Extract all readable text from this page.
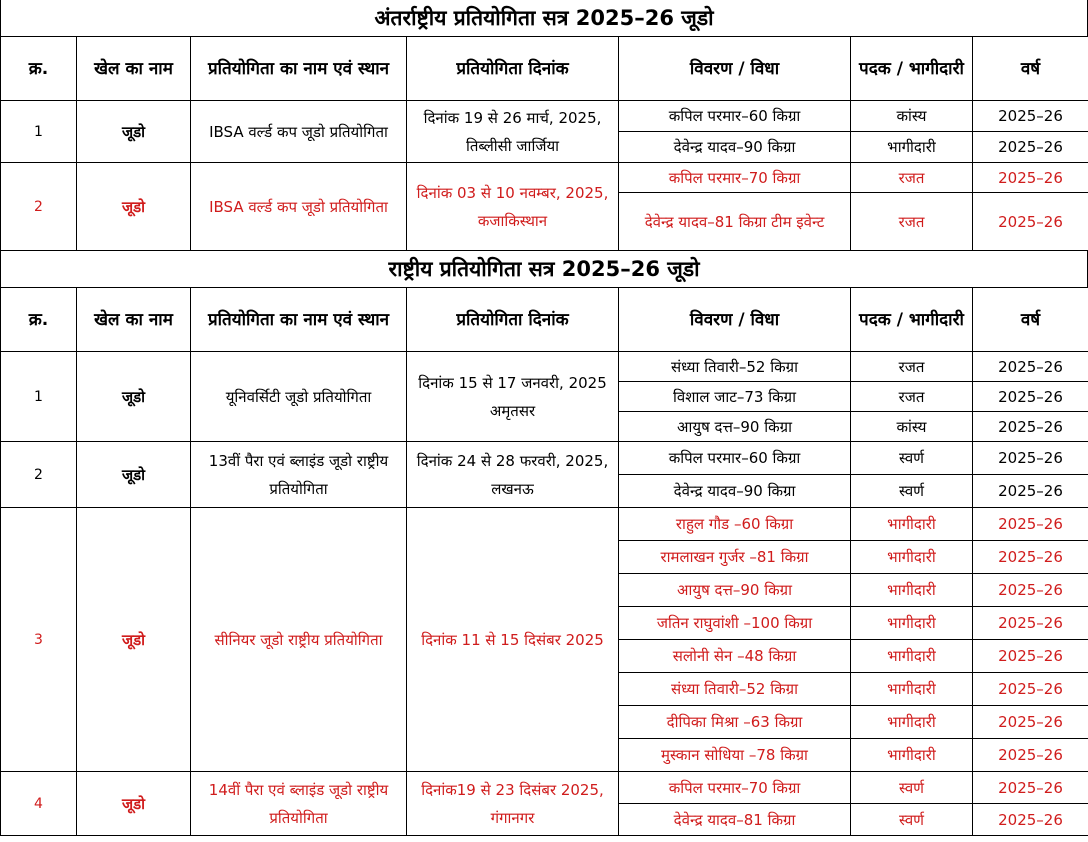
अंतर्राष्ट्रीय प्रतियोगिता सत्र 2025–26 जूडो
क्र.	खेल का नाम	प्रतियोगिता का नाम एवं स्थान	प्रतियोगिता दिनांक	विवरण / विधा	पदक / भागीदारी	वर्ष
1	जूडो	IBSA वर्ल्ड कप जूडो प्रतियोगिता	दिनांक 19 से 26 मार्च, 2025, तिब्लीसी जार्जिया	कपिल परमार–60 किग्रा	कांस्य	2025–26
				देवेन्द्र यादव–90 किग्रा	भागीदारी	2025–26
2	जूडो	IBSA वर्ल्ड कप जूडो प्रतियोगिता	दिनांक 03 से 10 नवम्बर, 2025, कजाकिस्थान	कपिल परमार–70 किग्रा	रजत	2025–26
				देवेन्द्र यादव–81 किग्रा टीम इवेन्ट	रजत	2025–26
राष्ट्रीय प्रतियोगिता सत्र 2025–26 जूडो
क्र.	खेल का नाम	प्रतियोगिता का नाम एवं स्थान	प्रतियोगिता दिनांक	विवरण / विधा	पदक / भागीदारी	वर्ष
1	जूडो	यूनिवर्सिटी जूडो प्रतियोगिता	दिनांक 15 से 17 जनवरी, 2025 अमृतसर	संध्या तिवारी–52 किग्रा	रजत	2025–26
				विशाल जाट–73 किग्रा	रजत	2025–26
				आयुष दत्त–90 किग्रा	कांस्य	2025–26
2	जूडो	13वीं पैरा एवं ब्लाइंड जूडो राष्ट्रीय प्रतियोगिता	दिनांक 24 से 28 फरवरी, 2025, लखनऊ	कपिल परमार–60 किग्रा	स्वर्ण	2025–26
				देवेन्द्र यादव–90 किग्रा	स्वर्ण	2025–26
3	जूडो	सीनियर जूडो राष्ट्रीय प्रतियोगिता	दिनांक 11 से 15 दिसंबर 2025	राहुल गौड –60 किग्रा	भागीदारी	2025–26
				रामलाखन गुर्जर –81 किग्रा	भागीदारी	2025–26
				आयुष दत्त–90 किग्रा	भागीदारी	2025–26
				जतिन राघुवांशी –100 किग्रा	भागीदारी	2025–26
				सलोनी सेन –48 किग्रा	भागीदारी	2025–26
				संध्या तिवारी–52 किग्रा	भागीदारी	2025–26
				दीपिका मिश्रा –63 किग्रा	भागीदारी	2025–26
				मुस्कान सोधिया –78 किग्रा	भागीदारी	2025–26
4	जूडो	14वीं पैरा एवं ब्लाइंड जूडो राष्ट्रीय प्रतियोगिता	दिनांक19 से 23 दिसंबर 2025, गंगानगर	कपिल परमार–70 किग्रा	स्वर्ण	2025–26
				देवेन्द्र यादव–81 किग्रा	स्वर्ण	2025–26
